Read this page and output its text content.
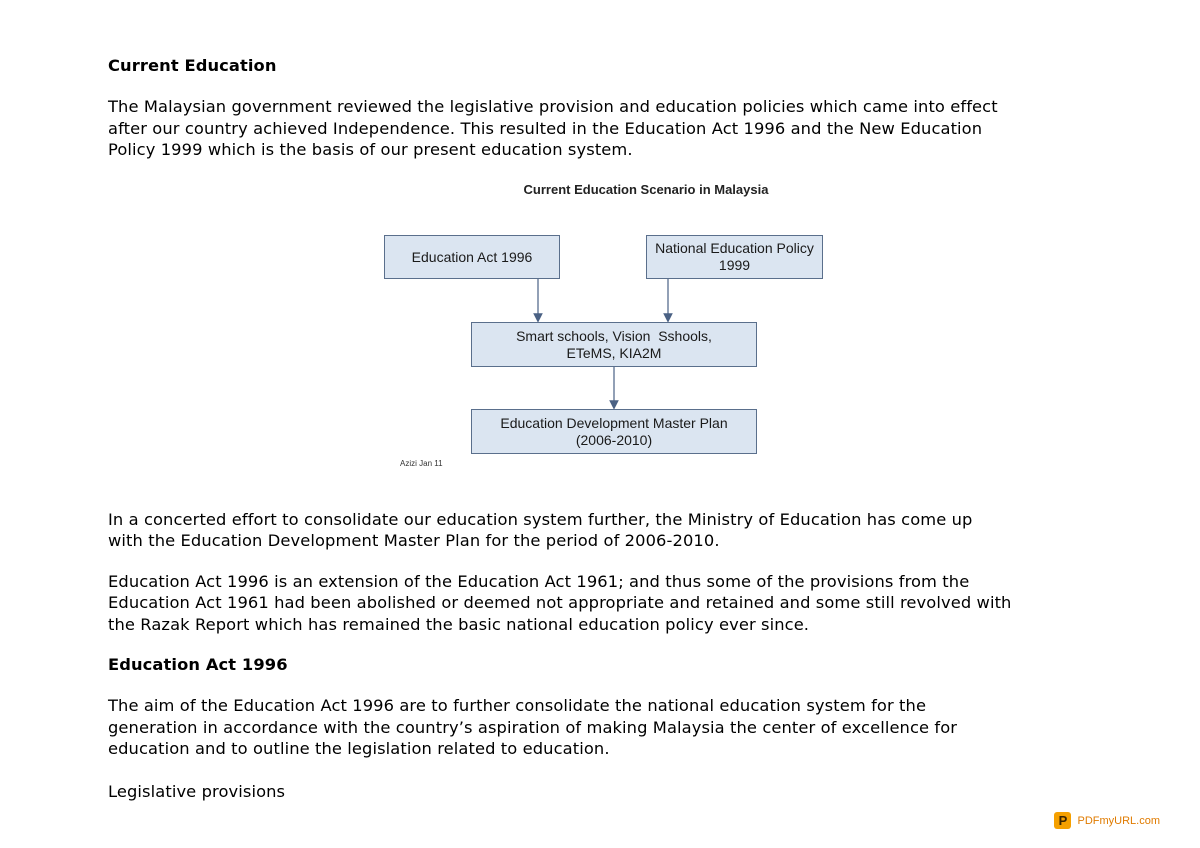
Current Education

The Malaysian government reviewed the legislative provision and education policies which came into effect

after our country achieved Independence. This resulted in the Education Act 1996 and the New Education

Policy 1999 which is the basis of our present education system.

Current Education Scenario in Malaysia
Education Act 1996
National Education Policy
1999
Smart schools, Vision  Sshools,
ETeMS, KIA2M
Education Development Master Plan
(2006-2010)
Azizi Jan 11

In a concerted effort to consolidate our education system further, the Ministry of Education has come up

with the Education Development Master Plan for the period of 2006-2010.

Education Act 1996 is an extension of the Education Act 1961; and thus some of the provisions from the

Education Act 1961 had been abolished or deemed not appropriate and retained and some still revolved with

the Razak Report which has remained the basic national education policy ever since.

Education Act 1996

The aim of the Education Act 1996 are to further consolidate the national education system for the

generation in accordance with the country’s aspiration of making Malaysia the center of excellence for

education and to outline the legislation related to education.

Legislative provisions

P PDFmyURL.com
